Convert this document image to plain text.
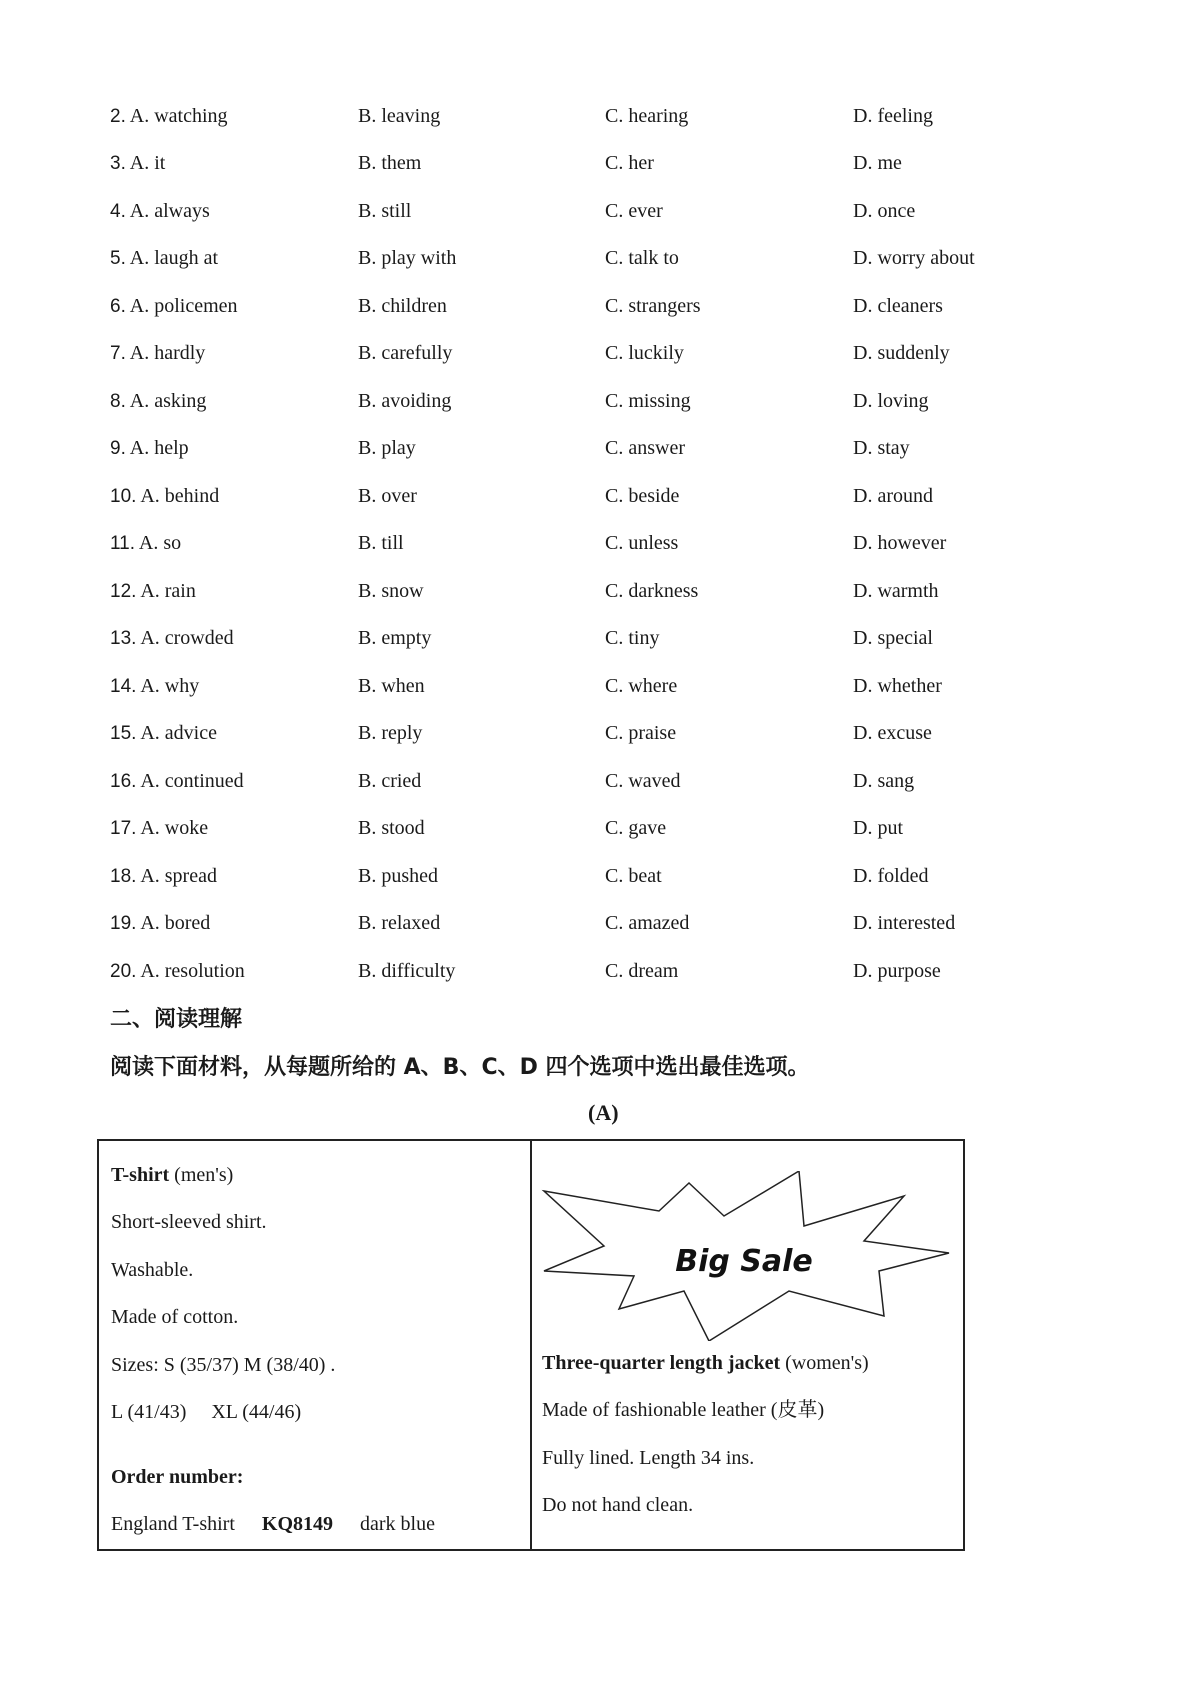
2. A. watching	B. leaving	C. hearing	D. feeling
3. A. it	B. them	C. her	D. me
4. A. always	B. still	C. ever	D. once
5. A. laugh at	B. play with	C. talk to	D. worry about
6. A. policemen	B. children	C. strangers	D. cleaners
7. A. hardly	B. carefully	C. luckily	D. suddenly
8. A. asking	B. avoiding	C. missing	D. loving
9. A. help	B. play	C. answer	D. stay
10. A. behind	B. over	C. beside	D. around
11. A. so	B. till	C. unless	D. however
12. A. rain	B. snow	C. darkness	D. warmth
13. A. crowded	B. empty	C. tiny	D. special
14. A. why	B. when	C. where	D. whether
15. A. advice	B. reply	C. praise	D. excuse
16. A. continued	B. cried	C. waved	D. sang
17. A. woke	B. stood	C. gave	D. put
18. A. spread	B. pushed	C. beat	D. folded
19. A. bored	B. relaxed	C. amazed	D. interested
20. A. resolution	B. difficulty	C. dream	D. purpose
二、阅读理解
阅读下面材料，从每题所给的 A、B、C、D 四个选项中选出最佳选项。
(A)
T-shirt (men's)
Short-sleeved shirt.
Washable.
Made of cotton.
Sizes: S (35/37) M (38/40) .
L (41/43)     XL (44/46)
Order number:
England T-shirt KQ8149 dark blue
Big Sale
Three-quarter length jacket (women's)
Made of fashionable leather (皮革)
Fully lined. Length 34 ins.
Do not hand clean.
